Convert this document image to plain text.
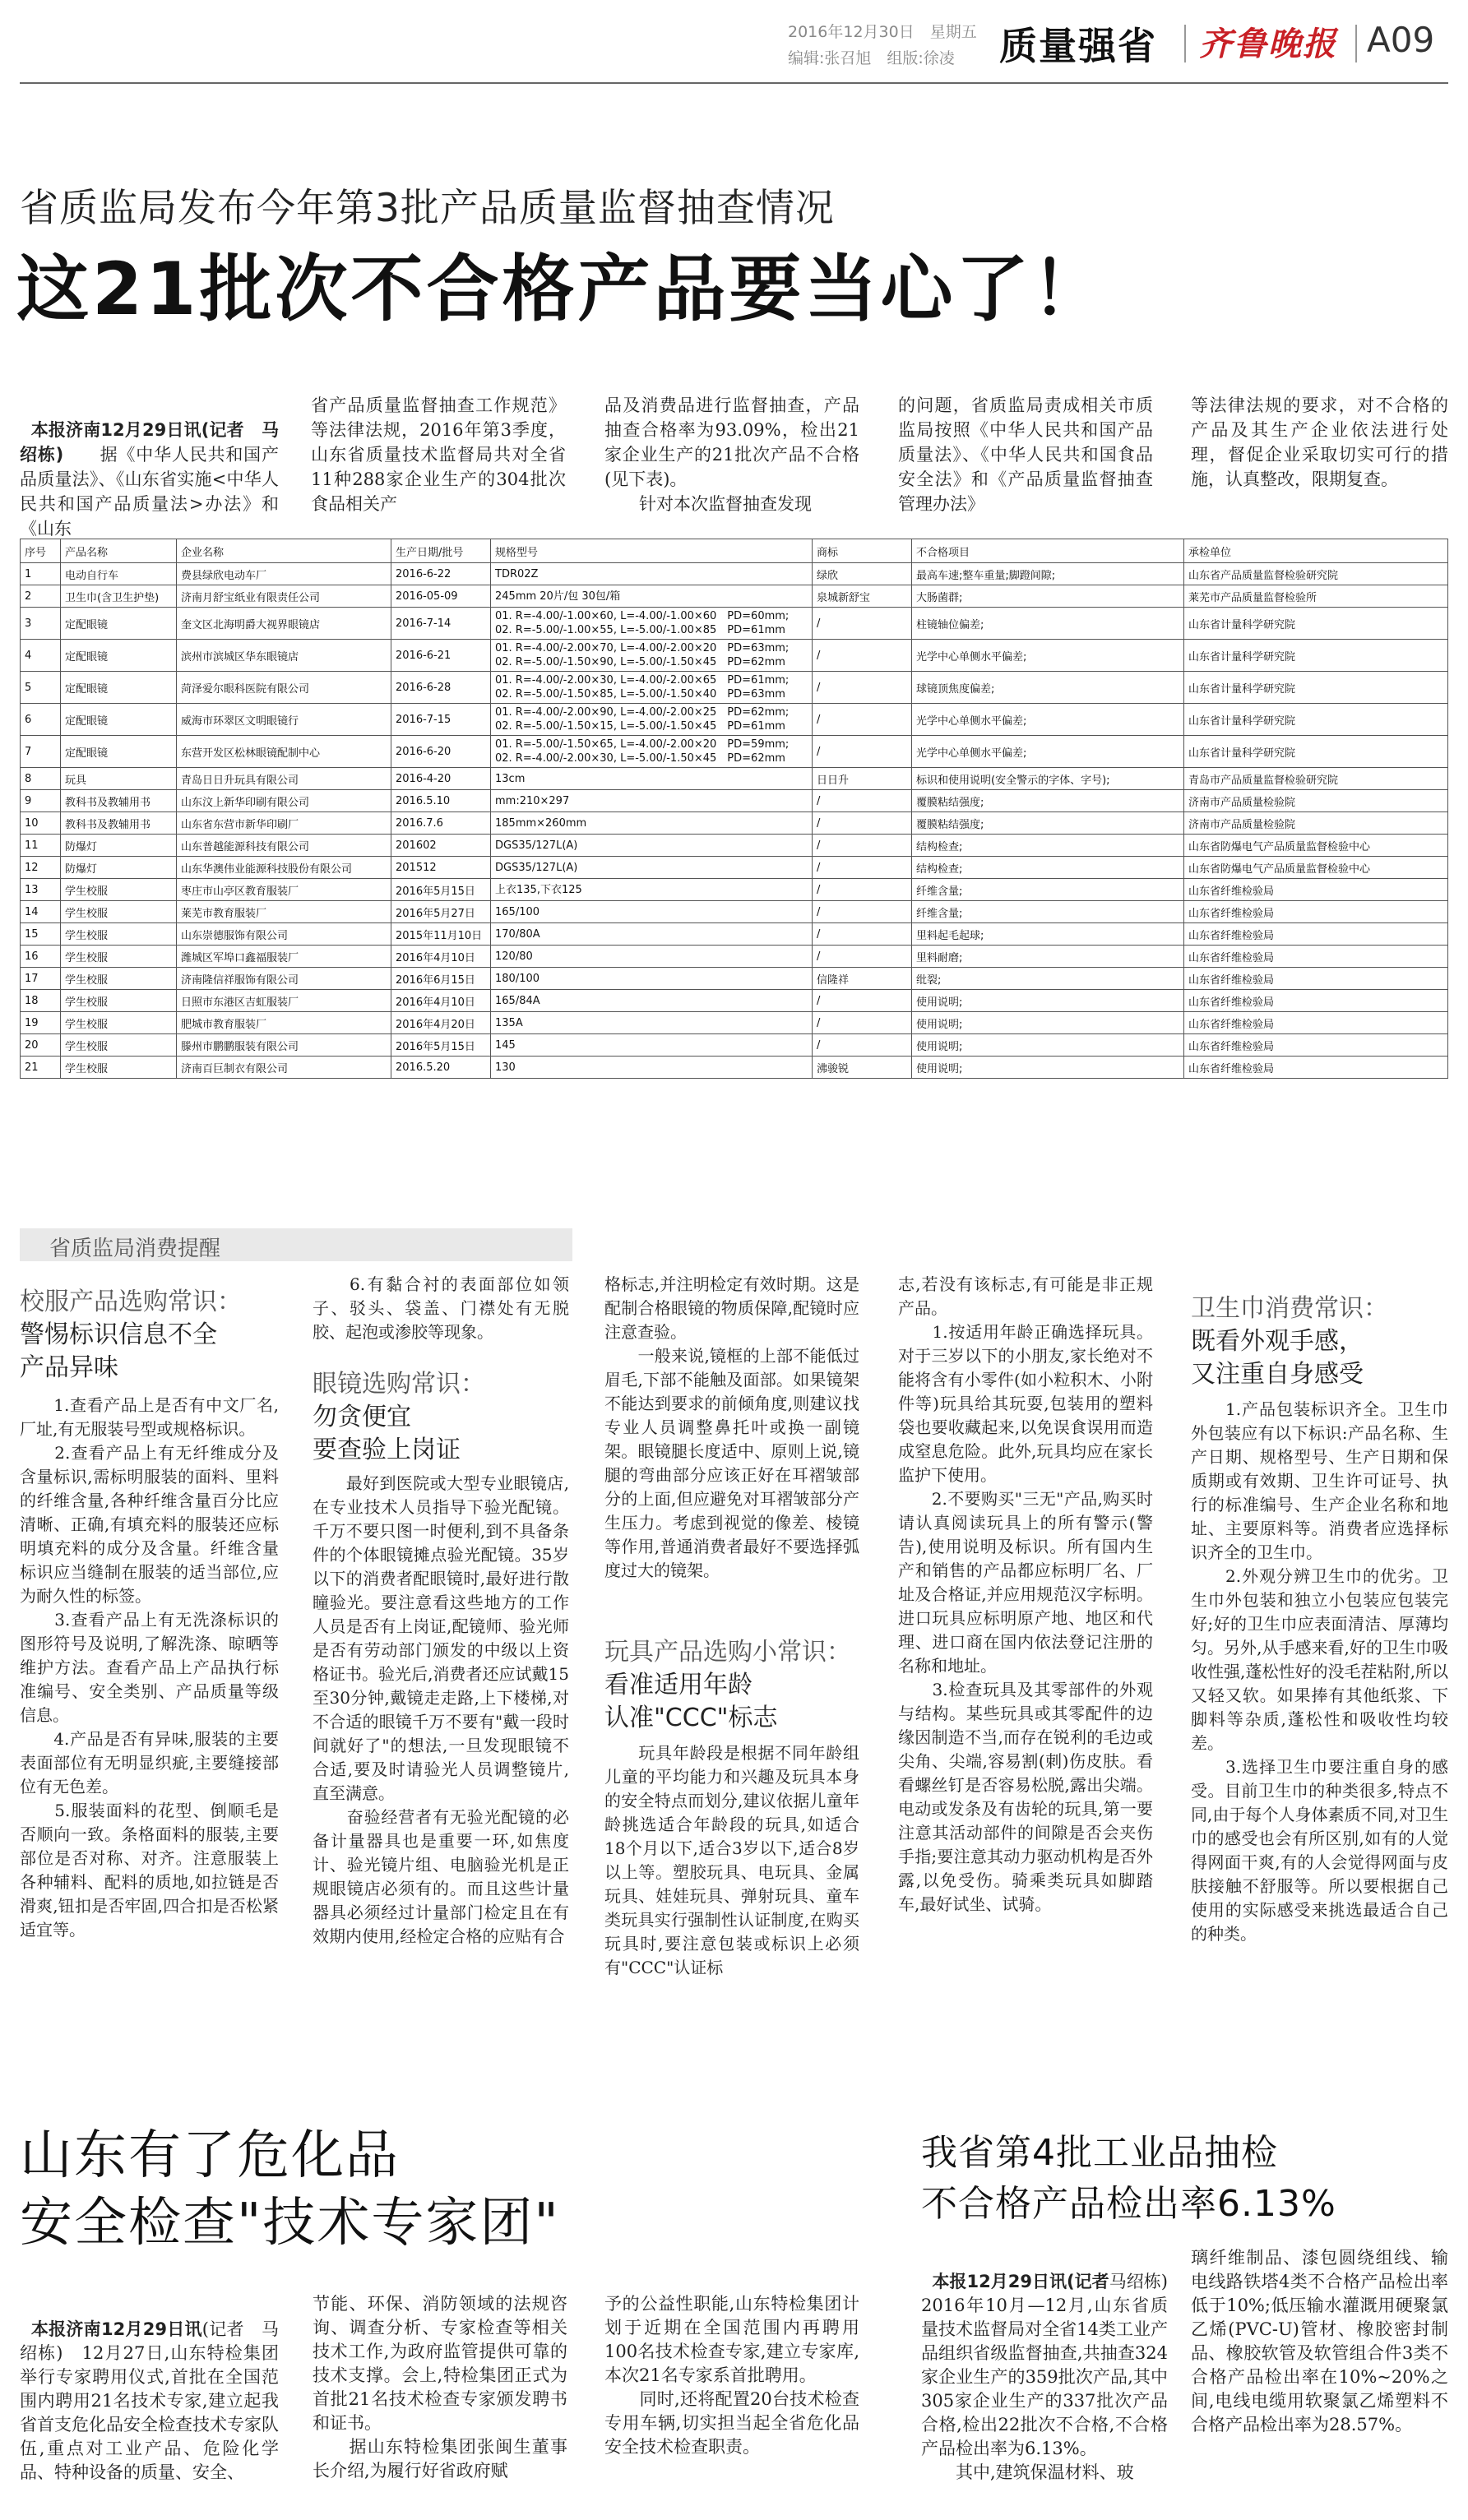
2016年12月30日　星期五
编辑:张召旭　组版:徐凌 质量强省 齐鲁晚报 A09
省质监局发布今年第3批产品质量监督抽查情况
这21批次不合格产品要当心了！

本报济南12月29日讯(记者　马绍栋)　　据《中华人民共和国产品质量法》、《山东省实施<中华人民共和国产品质量法>办法》和《山东

省产品质量监督抽查工作规范》等法律法规，2016年第3季度，山东省质量技术监督局共对全省11种288家企业生产的304批次食品相关产
品及消费品进行监督抽查，产品抽查合格率为93.09%，检出21家企业生产的21批次产品不合格(见下表)。
　　针对本次监督抽查发现
的问题，省质监局责成相关市质监局按照《中华人民共和国产品质量法》、《中华人民共和国食品安全法》和《产品质量监督抽查管理办法》
等法律法规的要求，对不合格的产品及其生产企业依法进行处理，督促企业采取切实可行的措施，认真整改，限期复查。
序号	产品名称	企业名称	生产日期/批号	规格型号	商标	不合格项目	承检单位
1	电动自行车	费县绿欣电动车厂	2016-6-22	TDR02Z	绿欣	最高车速;整车重量;脚蹬间隙;	山东省产品质量监督检验研究院
2	卫生巾(含卫生护垫)	济南月舒宝纸业有限责任公司	2016-05-09	245mm 20片/包 30包/箱	泉城新舒宝	大肠菌群;	莱芜市产品质量监督检验所
3	定配眼镜	奎文区北海明爵大视界眼镜店	2016-7-14	01. R=-4.00/-1.00×60, L=-4.00/-1.00×60　PD=60mm;
02. R=-5.00/-1.00×55, L=-5.00/-1.00×85　PD=61mm	/	柱镜轴位偏差;	山东省计量科学研究院
4	定配眼镜	滨州市滨城区华东眼镜店	2016-6-21	01. R=-4.00/-2.00×70, L=-4.00/-2.00×20　PD=63mm;
02. R=-5.00/-1.50×90, L=-5.00/-1.50×45　PD=62mm	/	光学中心单侧水平偏差;	山东省计量科学研究院
5	定配眼镜	菏泽爱尔眼科医院有限公司	2016-6-28	01. R=-4.00/-2.00×30, L=-4.00/-2.00×65　PD=61mm;
02. R=-5.00/-1.50×85, L=-5.00/-1.50×40　PD=63mm	/	球镜顶焦度偏差;	山东省计量科学研究院
6	定配眼镜	威海市环翠区文明眼镜行	2016-7-15	01. R=-4.00/-2.00×90, L=-4.00/-2.00×25　PD=62mm;
02. R=-5.00/-1.50×15, L=-5.00/-1.50×45　PD=61mm	/	光学中心单侧水平偏差;	山东省计量科学研究院
7	定配眼镜	东营开发区松林眼镜配制中心	2016-6-20	01. R=-5.00/-1.50×65, L=-4.00/-2.00×20　PD=59mm;
02. R=-4.00/-2.00×30, L=-5.00/-1.50×45　PD=62mm	/	光学中心单侧水平偏差;	山东省计量科学研究院
8	玩具	青岛日日升玩具有限公司	2016-4-20	13cm	日日升	标识和使用说明(安全警示的字体、字号);	青岛市产品质量监督检验研究院
9	教科书及教辅用书	山东汶上新华印刷有限公司	2016.5.10	mm:210×297	/	覆膜粘结强度;	济南市产品质量检验院
10	教科书及教辅用书	山东省东营市新华印刷厂	2016.7.6	185mm×260mm	/	覆膜粘结强度;	济南市产品质量检验院
11	防爆灯	山东普越能源科技有限公司	201602	DGS35/127L(A)	/	结构检查;	山东省防爆电气产品质量监督检验中心
12	防爆灯	山东华澳伟业能源科技股份有限公司	201512	DGS35/127L(A)	/	结构检查;	山东省防爆电气产品质量监督检验中心
13	学生校服	枣庄市山亭区教育服装厂	2016年5月15日	上衣135,下衣125	/	纤维含量;	山东省纤维检验局
14	学生校服	莱芜市教育服装厂	2016年5月27日	165/100	/	纤维含量;	山东省纤维检验局
15	学生校服	山东崇德服饰有限公司	2015年11月10日	170/80A	/	里料起毛起球;	山东省纤维检验局
16	学生校服	潍城区军埠口鑫福服装厂	2016年4月10日	120/80	/	里料耐磨;	山东省纤维检验局
17	学生校服	济南隆信祥服饰有限公司	2016年6月15日	180/100	信隆祥	纰裂;	山东省纤维检验局
18	学生校服	日照市东港区吉虹服装厂	2016年4月10日	165/84A	/	使用说明;	山东省纤维检验局
19	学生校服	肥城市教育服装厂	2016年4月20日	135A	/	使用说明;	山东省纤维检验局
20	学生校服	滕州市鹏鹏服装有限公司	2016年5月15日	145	/	使用说明;	山东省纤维检验局
21	学生校服	济南百巨制衣有限公司	2016.5.20	130	沸骏锐	使用说明;	山东省纤维检验局
省质监局消费提醒
校服产品选购常识：
警惕标识信息不全
产品异味
　　1.查看产品上是否有中文厂名,厂址,有无服装号型或规格标识。
　　2.查看产品上有无纤维成分及含量标识,需标明服装的面料、里料的纤维含量,各种纤维含量百分比应清晰、正确,有填充料的服装还应标明填充料的成分及含量。纤维含量标识应当缝制在服装的适当部位,应为耐久性的标签。
　　3.查看产品上有无洗涤标识的图形符号及说明,了解洗涤、晾晒等维护方法。查看产品上产品执行标准编号、安全类别、产品质量等级信息。
　　4.产品是否有异味,服装的主要表面部位有无明显织疵,主要缝接部位有无色差。
　　5.服装面料的花型、倒顺毛是否顺向一致。条格面料的服装,主要部位是否对称、对齐。注意服装上各种辅料、配料的质地,如拉链是否滑爽,钮扣是否牢固,四合扣是否松紧适宜等。
　　6.有黏合衬的表面部位如领子、驳头、袋盖、门襟处有无脱胶、起泡或渗胶等现象。
眼镜选购常识：
勿贪便宜
要查验上岗证
　　最好到医院或大型专业眼镜店,在专业技术人员指导下验光配镜。千万不要只图一时便利,到不具备条件的个体眼镜摊点验光配镜。35岁以下的消费者配眼镜时,最好进行散瞳验光。要注意看这些地方的工作人员是否有上岗证,配镜师、验光师是否有劳动部门颁发的中级以上资格证书。验光后,消费者还应试戴15至30分钟,戴镜走走路,上下楼梯,对不合适的眼镜千万不要有"戴一段时间就好了"的想法,一旦发现眼镜不合适,要及时请验光人员调整镜片,直至满意。
　　奋验经营者有无验光配镜的必备计量器具也是重要一环,如焦度计、验光镜片组、电脑验光机是正规眼镜店必须有的。而且这些计量器具必须经过计量部门检定且在有效期内使用,经检定合格的应贴有合
格标志,并注明检定有效时期。这是配制合格眼镜的物质保障,配镜时应注意查验。
　　一般来说,镜框的上部不能低过眉毛,下部不能触及面部。如果镜架不能达到要求的前倾角度,则建议找专业人员调整鼻托叶或换一副镜架。眼镜腿长度适中、原则上说,镜腿的弯曲部分应该正好在耳褶皱部分的上面,但应避免对耳褶皱部分产生压力。考虑到视觉的像差、棱镜等作用,普通消费者最好不要选择弧度过大的镜架。
玩具产品选购小常识：
看准适用年龄
认准"CCC"标志
　　玩具年龄段是根据不同年龄组儿童的平均能力和兴趣及玩具本身的安全特点而划分,建议依据儿童年龄挑选适合年龄段的玩具,如适合18个月以下,适合3岁以下,适合8岁以上等。塑胶玩具、电玩具、金属玩具、娃娃玩具、弹射玩具、童车类玩具实行强制性认证制度,在购买玩具时,要注意包装或标识上必须有"CCC"认证标
志,若没有该标志,有可能是非正规产品。
　　1.按适用年龄正确选择玩具。对于三岁以下的小朋友,家长绝对不能将含有小零件(如小粒积木、小附件等)玩具给其玩耍,包装用的塑料袋也要收藏起来,以免误食误用而造成窒息危险。此外,玩具均应在家长监护下使用。
　　2.不要购买"三无"产品,购买时请认真阅读玩具上的所有警示(警告),使用说明及标识。所有国内生产和销售的产品都应标明厂名、厂址及合格证,并应用规范汉字标明。进口玩具应标明原产地、地区和代理、进口商在国内依法登记注册的名称和地址。
　　3.检查玩具及其零部件的外观与结构。某些玩具或其零配件的边缘因制造不当,而存在锐利的毛边或尖角、尖端,容易割(刺)伤皮肤。看看螺丝钉是否容易松脱,露出尖端。电动或发条及有齿轮的玩具,第一要注意其活动部件的间隙是否会夹伤手指;要注意其动力驱动机构是否外露,以免受伤。骑乘类玩具如脚踏车,最好试坐、试骑。
卫生巾消费常识：
既看外观手感，
又注重自身感受
　　1.产品包装标识齐全。卫生巾外包装应有以下标识:产品名称、生产日期、规格型号、生产日期和保质期或有效期、卫生许可证号、执行的标准编号、生产企业名称和地址、主要原料等。消费者应选择标识齐全的卫生巾。
　　2.外观分辨卫生巾的优劣。卫生巾外包装和独立小包装应包装完好;好的卫生巾应表面清洁、厚薄均匀。另外,从手感来看,好的卫生巾吸收性强,蓬松性好的没毛茬粘附,所以又轻又软。如果捧有其他纸浆、下脚料等杂质,蓬松性和吸收性均较差。
　　3.选择卫生巾要注重自身的感受。目前卫生巾的种类很多,特点不同,由于每个人身体素质不同,对卫生巾的感受也会有所区别,如有的人觉得网面干爽,有的人会觉得网面与皮肤接触不舒服等。所以要根据自己使用的实际感受来挑选最适合自己的种类。
山东有了危化品
安全检查"技术专家团"

本报济南12月29日讯(记者　马绍栋)　12月27日,山东特检集团举行专家聘用仪式,首批在全国范围内聘用21名技术专家,建立起我省首支危化品安全检查技术专家队伍,重点对工业产品、危险化学品、特种设备的质量、安全、

节能、环保、消防领域的法规咨询、调查分析、专家检查等相关技术工作,为政府监管提供可靠的技术支撑。会上,特检集团正式为首批21名技术检查专家颁发聘书和证书。
　　据山东特检集团张闽生董事长介绍,为履行好省政府赋
予的公益性职能,山东特检集团计划于近期在全国范围内再聘用100名技术检查专家,建立专家库,本次21名专家系首批聘用。
　　同时,还将配置20台技术检查专用车辆,切实担当起全省危化品安全技术检查职责。
我省第4批工业品抽检
不合格产品检出率6.13%

本报12月29日讯(记者马绍栋)　2016年10月—12月,山东省质量技术监督局对全省14类工业产品组织省级监督抽查,共抽查324家企业生产的359批次产品,其中305家企业生产的337批次产品合格,检出22批次不合格,不合格产品检出率为6.13%。
　　其中,建筑保温材料、玻

璃纤维制品、漆包圆绕组线、输电线路铁塔4类不合格产品检出率低于10%;低压输水灌溉用硬聚氯乙烯(PVC-U)管材、橡胶密封制品、橡胶软管及软管组合件3类不合格产品检出率在10%~20%之间,电线电缆用软聚氯乙烯塑料不合格产品检出率为28.57%。
